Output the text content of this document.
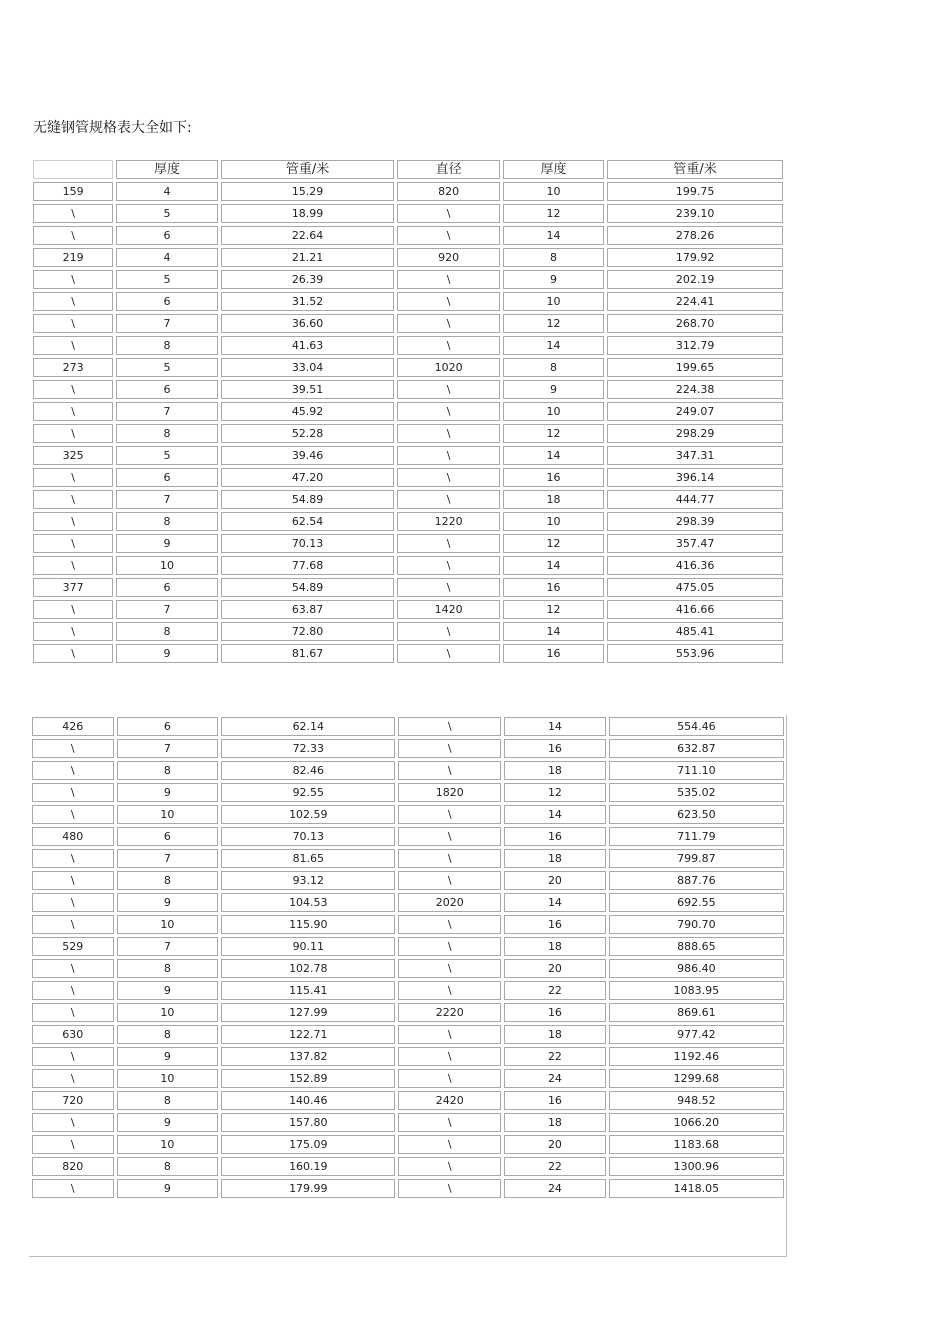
无缝钢管规格表大全如下:
	厚度	管重/米	直径	厚度	管重/米
159	4	15.29	820	10	199.75
\	5	18.99	\	12	239.10
\	6	22.64	\	14	278.26
219	4	21.21	920	8	179.92
\	5	26.39	\	9	202.19
\	6	31.52	\	10	224.41
\	7	36.60	\	12	268.70
\	8	41.63	\	14	312.79
273	5	33.04	1020	8	199.65
\	6	39.51	\	9	224.38
\	7	45.92	\	10	249.07
\	8	52.28	\	12	298.29
325	5	39.46	\	14	347.31
\	6	47.20	\	16	396.14
\	7	54.89	\	18	444.77
\	8	62.54	1220	10	298.39
\	9	70.13	\	12	357.47
\	10	77.68	\	14	416.36
377	6	54.89	\	16	475.05
\	7	63.87	1420	12	416.66
\	8	72.80	\	14	485.41
\	9	81.67	\	16	553.96
426	6	62.14	\	14	554.46
\	7	72.33	\	16	632.87
\	8	82.46	\	18	711.10
\	9	92.55	1820	12	535.02
\	10	102.59	\	14	623.50
480	6	70.13	\	16	711.79
\	7	81.65	\	18	799.87
\	8	93.12	\	20	887.76
\	9	104.53	2020	14	692.55
\	10	115.90	\	16	790.70
529	7	90.11	\	18	888.65
\	8	102.78	\	20	986.40
\	9	115.41	\	22	1083.95
\	10	127.99	2220	16	869.61
630	8	122.71	\	18	977.42
\	9	137.82	\	22	1192.46
\	10	152.89	\	24	1299.68
720	8	140.46	2420	16	948.52
\	9	157.80	\	18	1066.20
\	10	175.09	\	20	1183.68
820	8	160.19	\	22	1300.96
\	9	179.99	\	24	1418.05
